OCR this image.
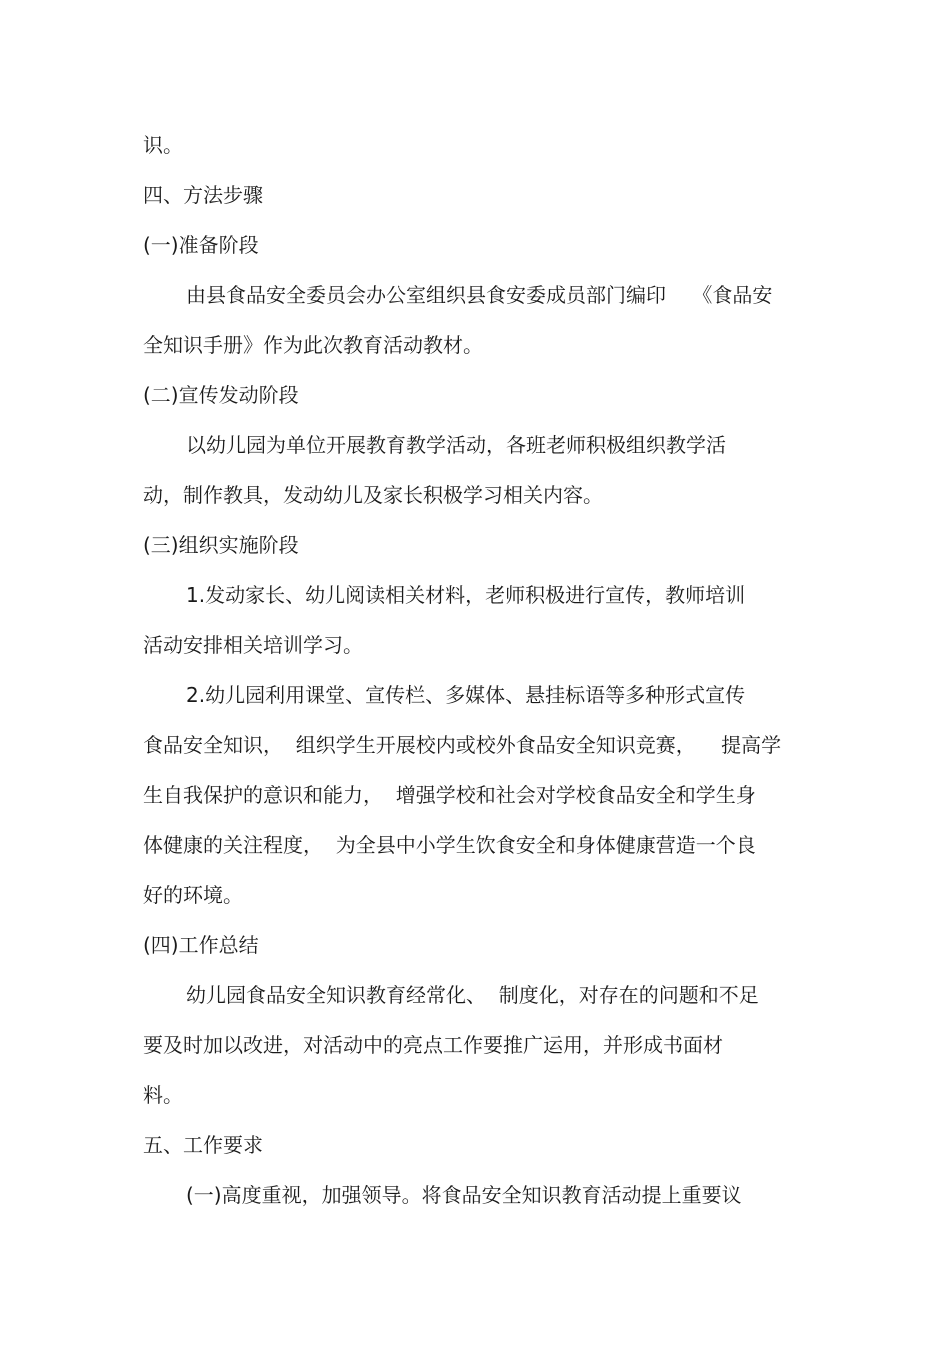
识。

四、方法步骤

(一)准备阶段

由县食品安全委员会办公室组织县食安委成员部门编印　 《食品安

全知识手册》作为此次教育活动教材。

(二)宣传发动阶段

以幼儿园为单位开展教育教学活动，各班老师积极组织教学活

动，制作教具，发动幼儿及家长积极学习相关内容。

(三)组织实施阶段

1.发动家长、幼儿阅读相关材料，老师积极进行宣传，教师培训

活动安排相关培训学习。

2.幼儿园利用课堂、宣传栏、多媒体、悬挂标语等多种形式宣传

食品安全知识，  组织学生开展校内或校外食品安全知识竞赛，    提高学

生自我保护的意识和能力，  增强学校和社会对学校食品安全和学生身

体健康的关注程度，  为全县中小学生饮食安全和身体健康营造一个良

好的环境。

(四)工作总结

幼儿园食品安全知识教育经常化、  制度化，对存在的问题和不足

要及时加以改进，对活动中的亮点工作要推广运用，并形成书面材

料。

五、工作要求

(一)高度重视，加强领导。将食品安全知识教育活动提上重要议
